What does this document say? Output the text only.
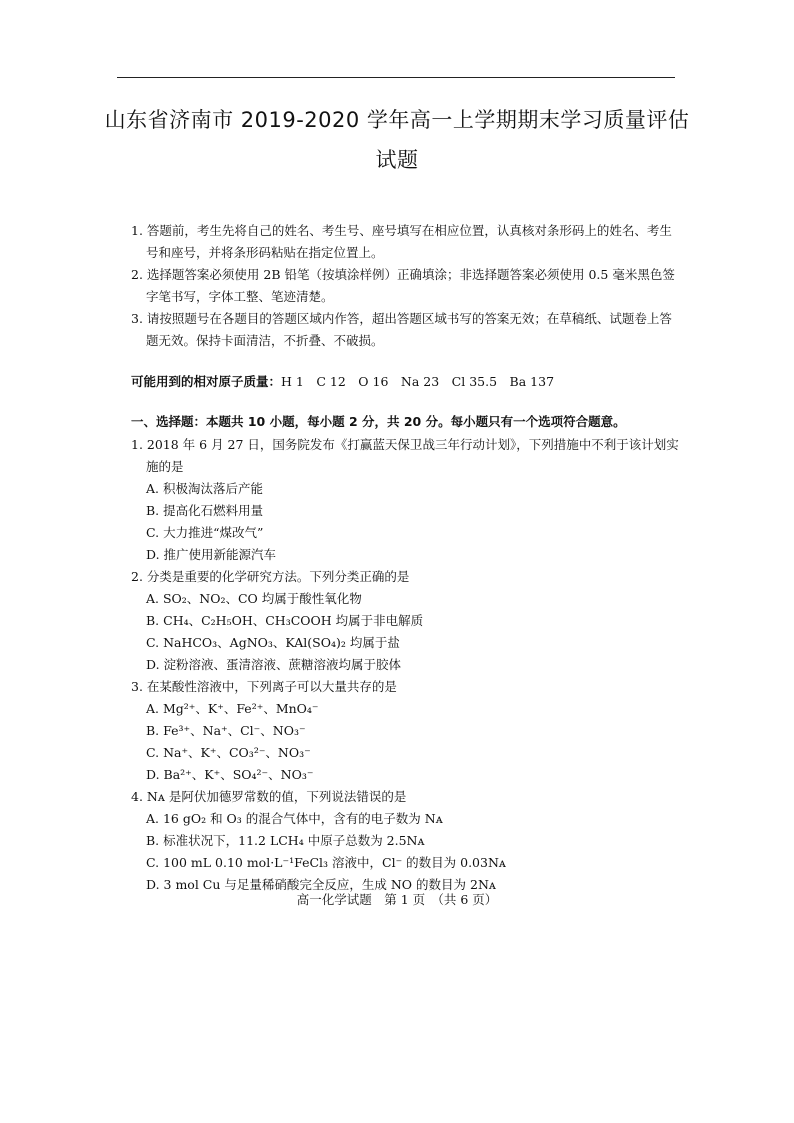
山东省济南市 2019-2020 学年高一上学期期末学习质量评估
试题
1. 答题前，考生先将自己的姓名、考生号、座号填写在相应位置，认真核对条形码上的姓名、考生号和座号，并将条形码粘贴在指定位置上。
2. 选择题答案必须使用 2B 铅笔（按填涂样例）正确填涂；非选择题答案必须使用 0.5 毫米黑色签字笔书写，字体工整、笔迹清楚。
3. 请按照题号在各题目的答题区域内作答，超出答题区域书写的答案无效；在草稿纸、试题卷上答题无效。保持卡面清洁，不折叠、不破损。
可能用到的相对原子质量：H 1　C 12　O 16　Na 23　Cl 35.5　Ba 137
一、选择题：本题共 10 小题，每小题 2 分，共 20 分。每小题只有一个选项符合题意。
1. 2018 年 6 月 27 日，国务院发布《打赢蓝天保卫战三年行动计划》，下列措施中不利于该计划实施的是
A. 积极淘汰落后产能
B. 提高化石燃料用量
C. 大力推进“煤改气”
D. 推广使用新能源汽车
2. 分类是重要的化学研究方法。下列分类正确的是
A. SO₂、NO₂、CO 均属于酸性氧化物
B. CH₄、C₂H₅OH、CH₃COOH 均属于非电解质
C. NaHCO₃、AgNO₃、KAl(SO₄)₂ 均属于盐
D. 淀粉溶液、蛋清溶液、蔗糖溶液均属于胶体
3. 在某酸性溶液中，下列离子可以大量共存的是
A. Mg²⁺、K⁺、Fe²⁺、MnO₄⁻
B. Fe³⁺、Na⁺、Cl⁻、NO₃⁻
C. Na⁺、K⁺、CO₃²⁻、NO₃⁻
D. Ba²⁺、K⁺、SO₄²⁻、NO₃⁻
4. Nᴀ 是阿伏加德罗常数的值，下列说法错误的是
A. 16 gO₂ 和 O₃ 的混合气体中，含有的电子数为 Nᴀ
B. 标准状况下，11.2 LCH₄ 中原子总数为 2.5Nᴀ
C. 100 mL 0.10 mol·L⁻¹FeCl₃ 溶液中，Cl⁻ 的数目为 0.03Nᴀ
D. 3 mol Cu 与足量稀硝酸完全反应，生成 NO 的数目为 2Nᴀ
高一化学试题　第 1 页　（共 6 页）
